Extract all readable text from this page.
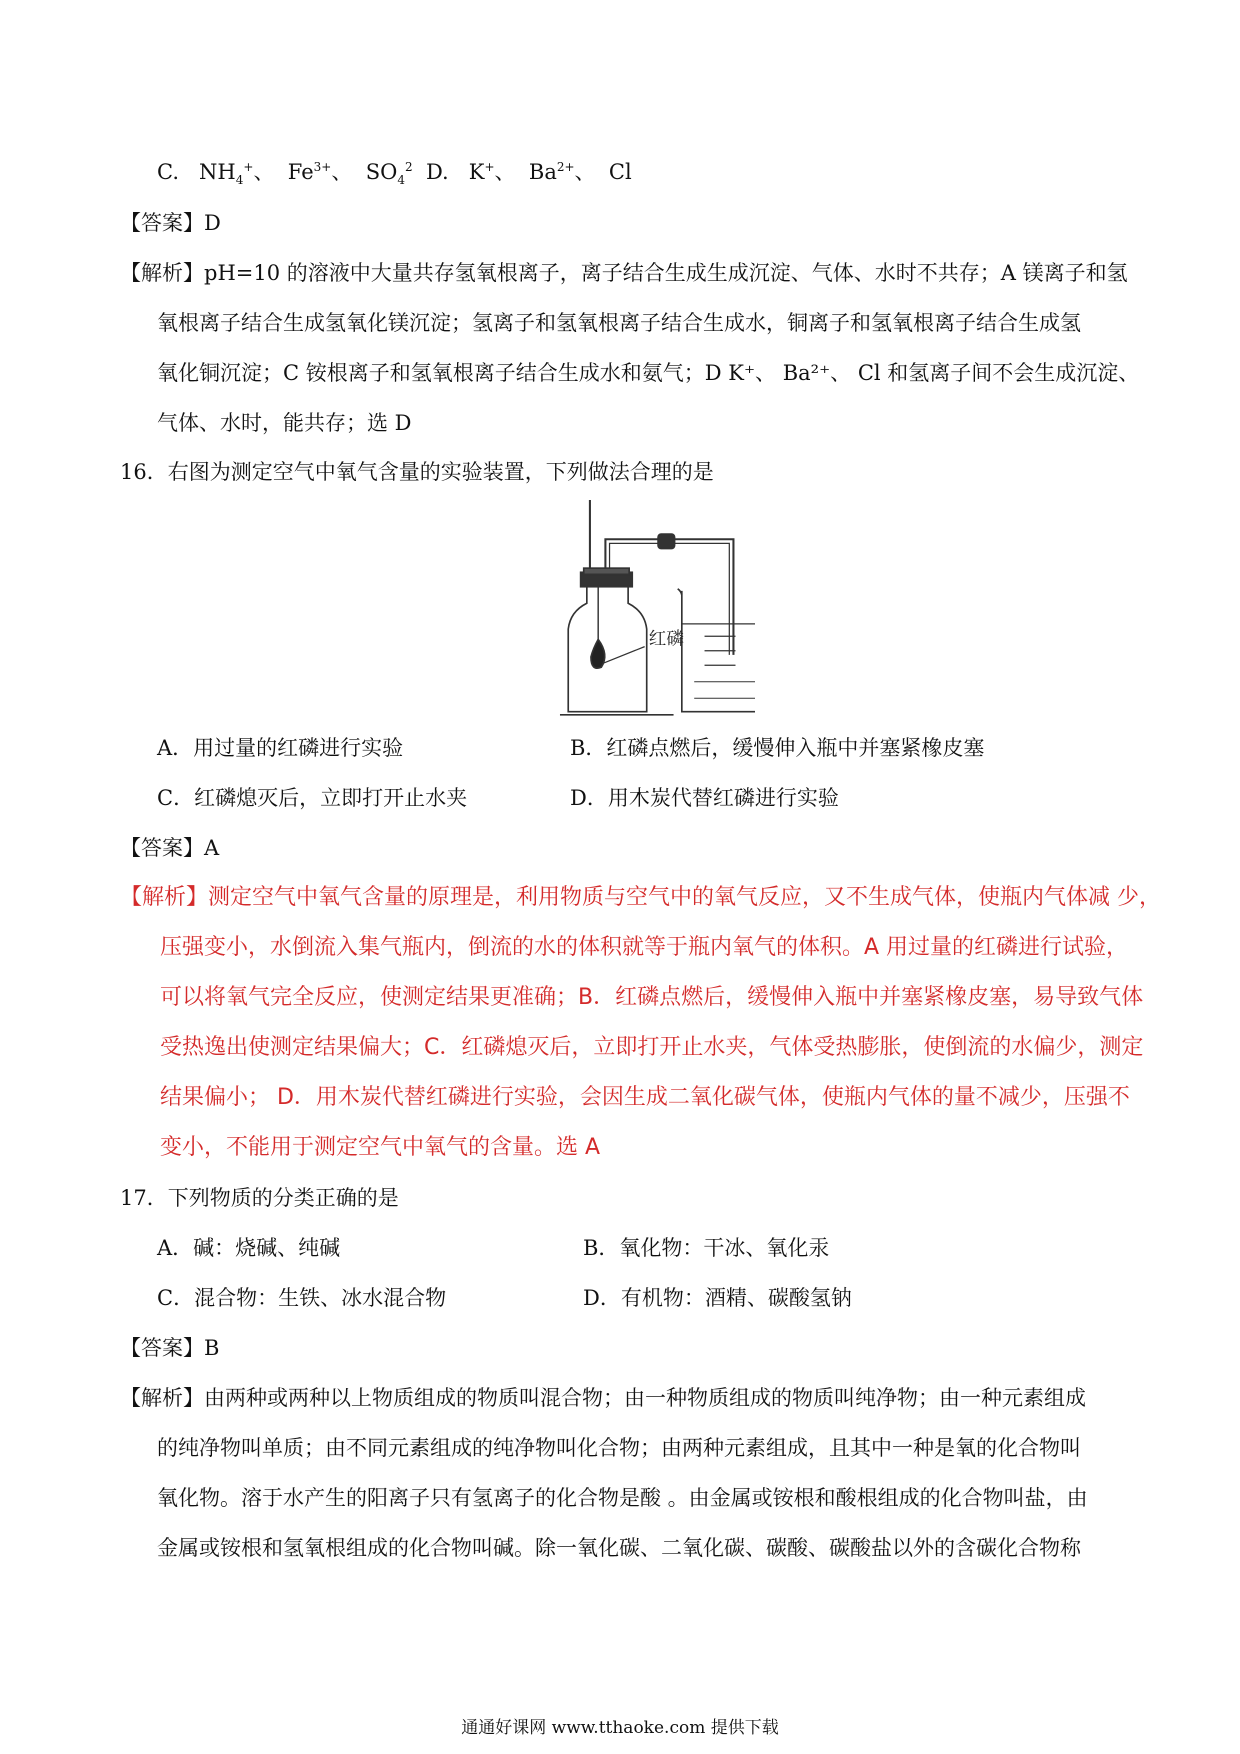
C. $NH_4^+$、 $Fe^{3+}$、 $SO_4^2$ D. K+、 $Ba^{2+}$、 Cl
【答案】D
【解析】pH=10 的溶液中大量共存氢氧根离子，离子结合生成生成沉淀、气体、水时不共存；A 镁离子和氢
氧根离子结合生成氢氧化镁沉淀；氢离子和氢氧根离子结合生成水，铜离子和氢氧根离子结合生成氢
氧化铜沉淀；C 铵根离子和氢氧根离子结合生成水和氨气；D K⁺、 Ba²⁺、 Cl 和氢离子间不会生成沉淀、
气体、水时，能共存；选 D
16．右图为测定空气中氧气含量的实验装置，下列做法合理的是
红磷
A．用过量的红磷进行实验	B．红磷点燃后，缓慢伸入瓶中并塞紧橡皮塞
C．红磷熄灭后，立即打开止水夹	D．用木炭代替红磷进行实验
【答案】A
【解析】测定空气中氧气含量的原理是，利用物质与空气中的氧气反应，又不生成气体，使瓶内气体减 少，
压强变小，水倒流入集气瓶内，倒流的水的体积就等于瓶内氧气的体积。A 用过量的红磷进行试验，
可以将氧气完全反应，使测定结果更准确；B．红磷点燃后，缓慢伸入瓶中并塞紧橡皮塞，易导致气体
受热逸出使测定结果偏大；C．红磷熄灭后，立即打开止水夹，气体受热膨胀，使倒流的水偏少，测定
结果偏小； D．用木炭代替红磷进行实验，会因生成二氧化碳气体，使瓶内气体的量不减少，压强不
变小，不能用于测定空气中氧气的含量。选 A
17．下列物质的分类正确的是
A．碱：烧碱、纯碱	B．氧化物：干冰、氧化汞
C．混合物：生铁、冰水混合物	D．有机物：酒精、碳酸氢钠
【答案】B
【解析】由两种或两种以上物质组成的物质叫混合物；由一种物质组成的物质叫纯净物；由一种元素组成
的纯净物叫单质；由不同元素组成的纯净物叫化合物；由两种元素组成，且其中一种是氧的化合物叫
氧化物。溶于水产生的阳离子只有氢离子的化合物是酸 。由金属或铵根和酸根组成的化合物叫盐，由
金属或铵根和氢氧根组成的化合物叫碱。除一氧化碳、二氧化碳、碳酸、碳酸盐以外的含碳化合物称
通通好课网 www.tthaoke.com 提供下载
